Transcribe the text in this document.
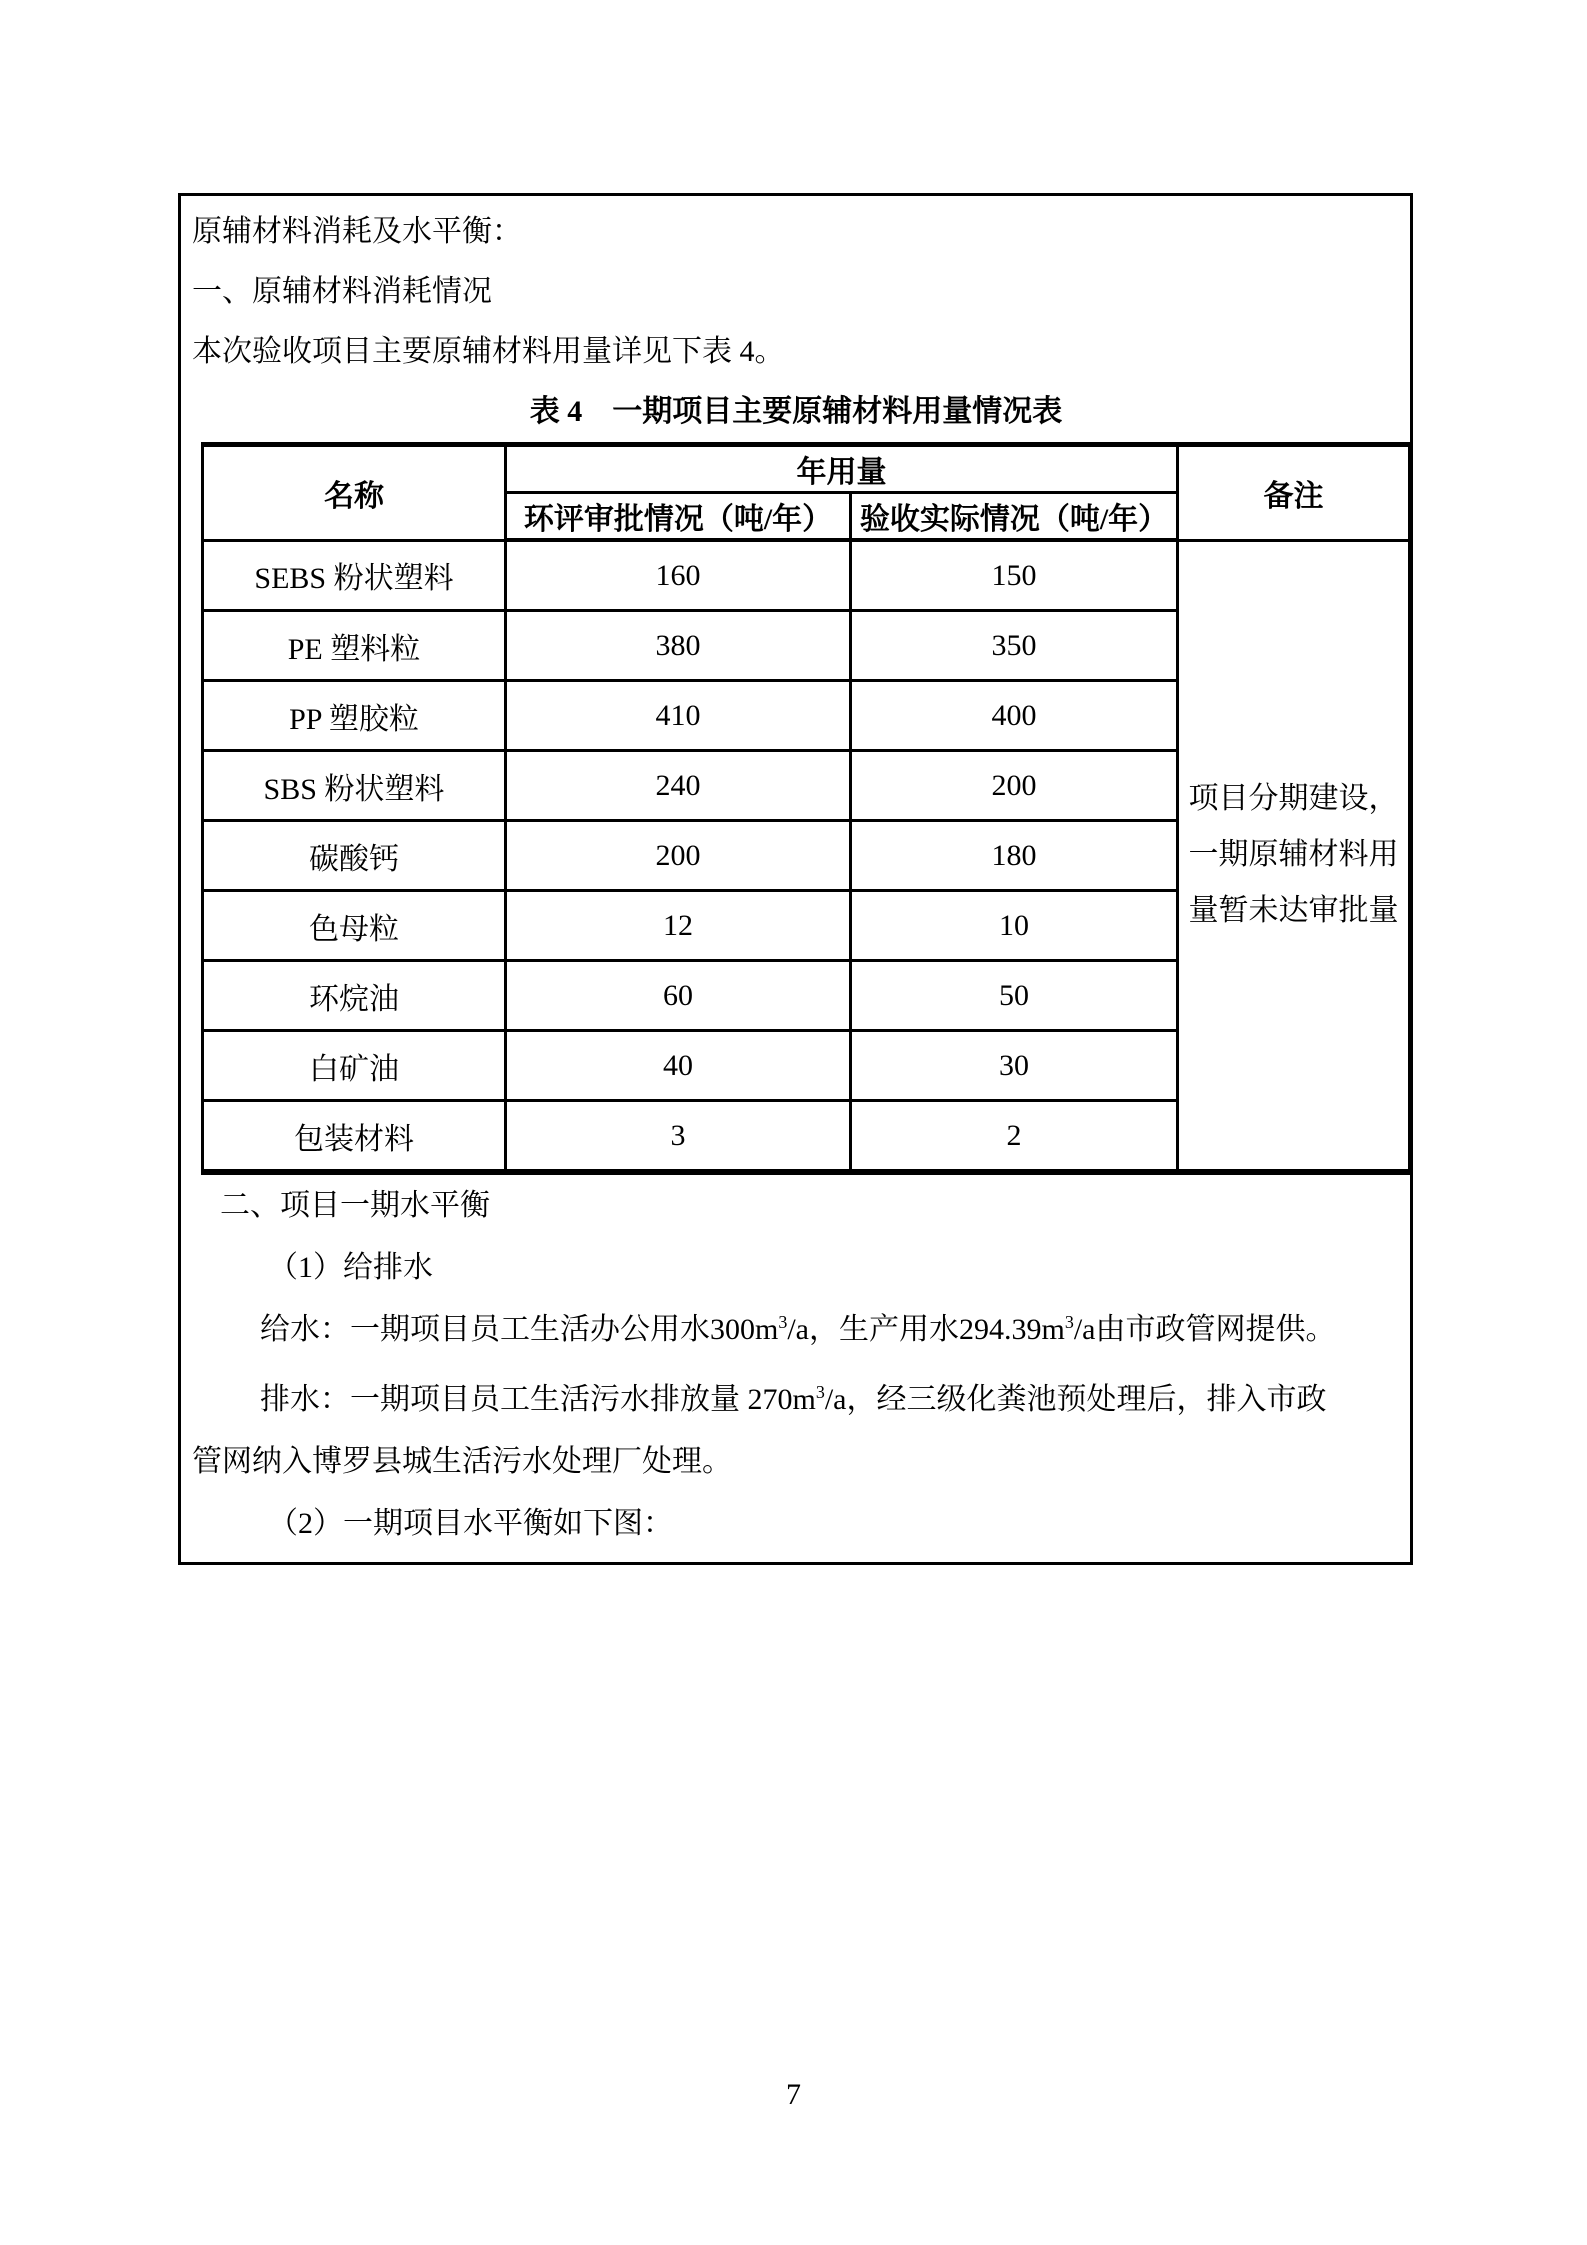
原辅材料消耗及水平衡：
一、原辅材料消耗情况
本次验收项目主要原辅材料用量详见下表 4。
表 4　一期项目主要原辅材料用量情况表
名称	年用量		备注
	环评审批情况（吨/年）	验收实际情况（吨/年）	
SEBS 粉状塑料	160	150	项目分期建设，
一期原辅材料用
量暂未达审批量

PE 塑料粒	380	350	
PP 塑胶粒	410	400	
SBS 粉状塑料	240	200	
碳酸钙	200	180	
色母粒	12	10	
环烷油	60	50	
白矿油	40	30	
包装材料	3	2	
二、项目一期水平衡
（1）给排水
给水：一期项目员工生活办公用水$300m^3/a$，生产用水$294.39m^3/a$由市政管网提供。
排水：一期项目员工生活污水排放量 $270m^3/a$，经三级化粪池预处理后，排入市政
管网纳入博罗县城生活污水处理厂处理。
（2）一期项目水平衡如下图：
7
